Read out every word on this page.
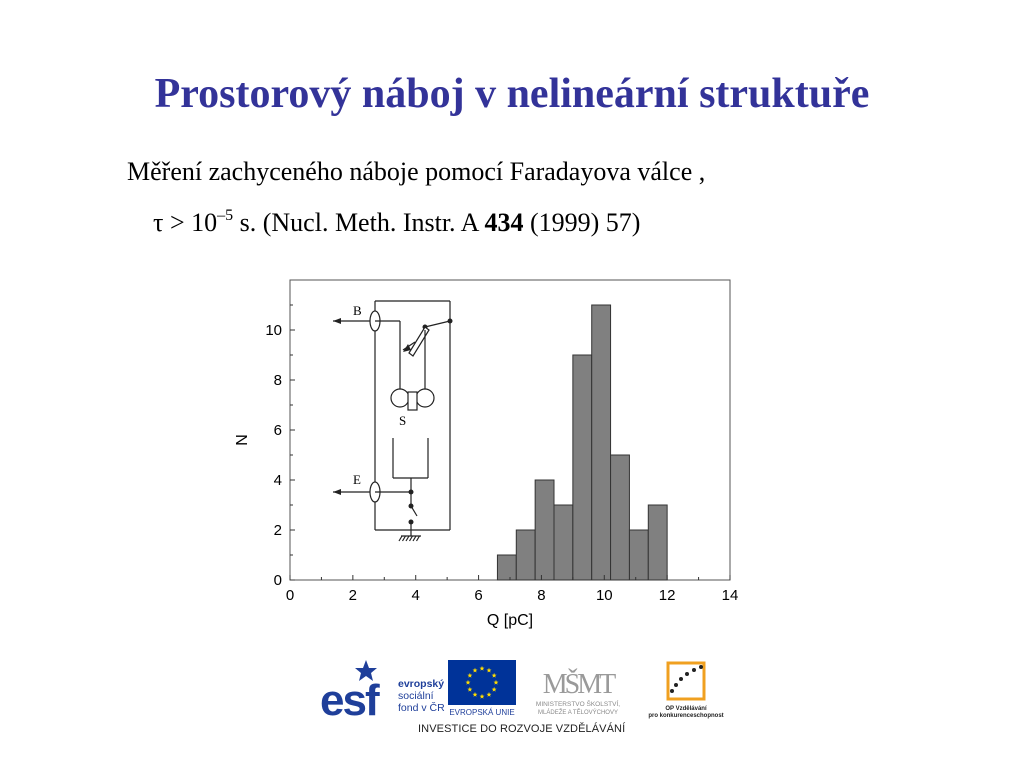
Prostorový náboj v nelineární struktuře
Měření zachyceného náboje pomocí Faradayova válce ,
$\tau > 10^{-5}$ s. (Nucl. Meth. Instr. A 434 (1999) 57)
0	2	4	6	8	10	12	14
0
2
4
6
8
10
B
S
E
Q [pC]
N
esf evropský
sociální
fond v ČR EVROPSKÁ UNIE
MŠMT
MINISTERSTVO ŠKOLSTVÍ,
MLÁDEŽE A TĚLOVÝCHOVY
OP Vzdělávání
pro konkurenceschopnost
INVESTICE DO ROZVOJE VZDĚLÁVÁNÍ
